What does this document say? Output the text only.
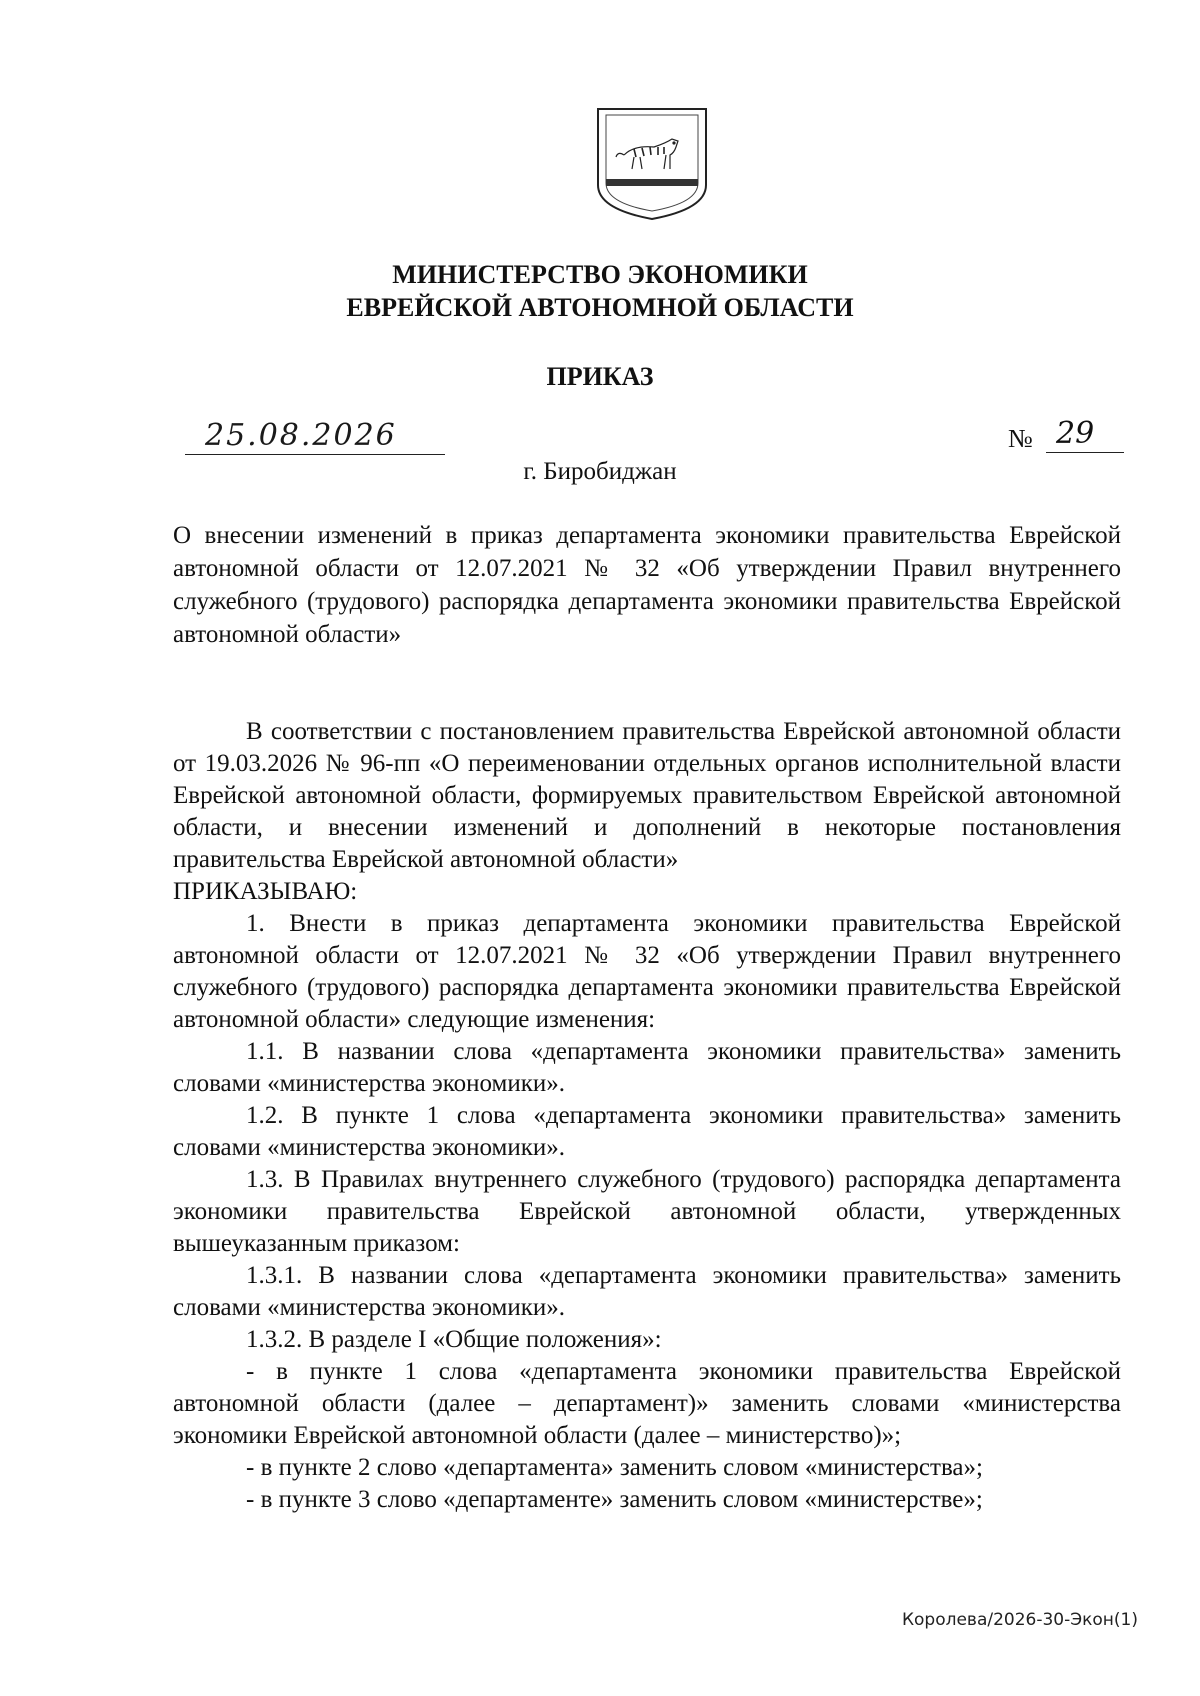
МИНИСТЕРСТВО ЭКОНОМИКИ
ЕВРЕЙСКОЙ АВТОНОМНОЙ ОБЛАСТИ
ПРИКАЗ
25.08.2026	№ 29
г. Биробиджан
О внесении изменений в приказ департамента экономики правительства Еврейской автономной области от 12.07.2021 № 32 «Об утверждении Правил внутреннего служебного (трудового) распорядка департамента экономики правительства Еврейской автономной области»

В соответствии с постановлением правительства Еврейской автономной области от 19.03.2026 № 96-пп «О переименовании отдельных органов исполнительной власти Еврейской автономной области, формируемых правительством Еврейской автономной области, и внесении изменений и дополнений в некоторые постановления правительства Еврейской автономной области»

ПРИКАЗЫВАЮ:

1. Внести в приказ департамента экономики правительства Еврейской автономной области от 12.07.2021 № 32 «Об утверждении Правил внутреннего служебного (трудового) распорядка департамента экономики правительства Еврейской автономной области» следующие изменения:

1.1. В названии слова «департамента экономики правительства» заменить словами «министерства экономики».

1.2. В пункте 1 слова «департамента экономики правительства» заменить словами «министерства экономики».

1.3. В Правилах внутреннего служебного (трудового) распорядка департамента экономики правительства Еврейской автономной области, утвержденных вышеуказанным приказом:

1.3.1. В названии слова «департамента экономики правительства» заменить словами «министерства экономики».

1.3.2. В разделе I «Общие положения»:

- в пункте 1 слова «департамента экономики правительства Еврейской автономной области (далее – департамент)» заменить словами «министерства экономики Еврейской автономной области (далее – министерство)»;

- в пункте 2 слово «департамента» заменить словом «министерства»;

- в пункте 3 слово «департаменте» заменить словом «министерстве»;

Королева/2026-30-Экон(1)
